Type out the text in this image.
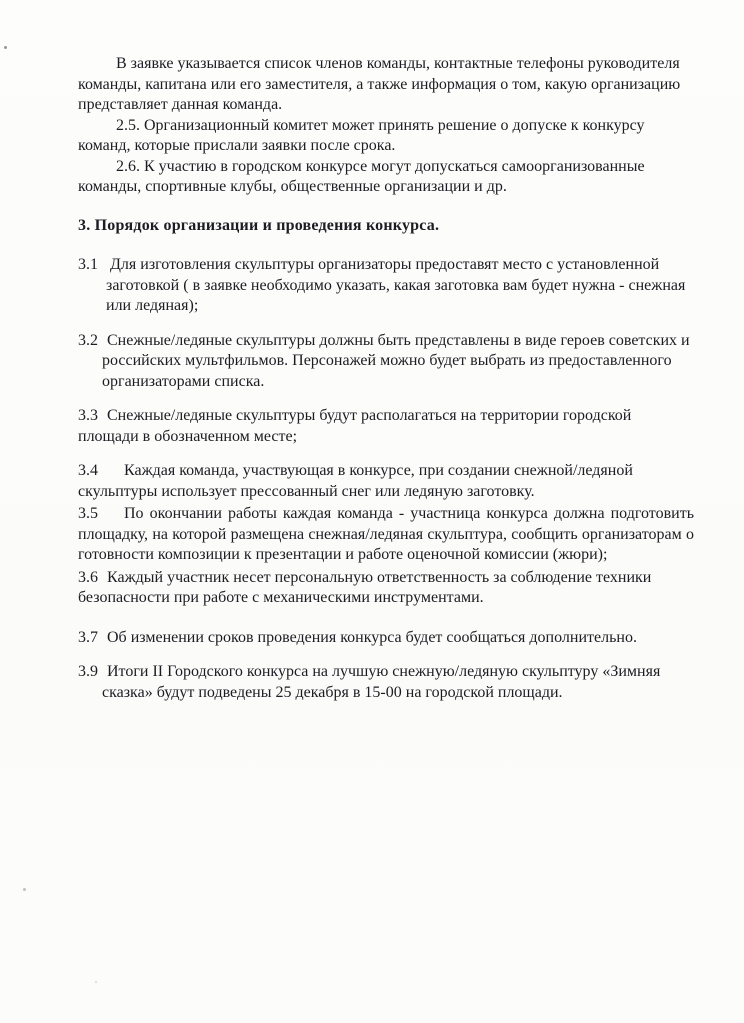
В заявке указывается список членов команды, контактные телефоны руководителя команды, капитана или его заместителя, а также информация о том, какую организацию представляет данная команда.

2.5. Организационный комитет может принять решение о допуске к конкурсу команд, которые прислали заявки после срока.

2.6. К участию в городском конкурсе могут допускаться самоорганизованные команды, спортивные клубы, общественные организации и др.

3. Порядок организации и проведения конкурса.

3.1 Для изготовления скульптуры организаторы предоставят место с установленной заготовкой ( в заявке необходимо указать, какая заготовка вам будет нужна - снежная или ледяная);

3.2 Снежные/ледяные скульптуры должны быть представлены в виде героев советских и российских мультфильмов. Персонажей можно будет выбрать из предоставленного организаторами списка.

3.3 Снежные/ледяные скульптуры будут располагаться на территории городской площади в обозначенном месте;

3.4 Каждая команда, участвующая в конкурсе, при создании снежной/ледяной скульптуры использует прессованный снег или ледяную заготовку.

3.5 По окончании работы каждая команда - участница конкурса должна подготовить площадку, на которой размещена снежная/ледяная скульптура, сообщить организаторам о готовности композиции к презентации и работе оценочной комиссии (жюри);

3.6 Каждый участник несет персональную ответственность за соблюдение техники безопасности при работе с механическими инструментами.

3.7 Об изменении сроков проведения конкурса будет сообщаться дополнительно.

3.9 Итоги II Городского конкурса на лучшую снежную/ледяную скульптуру «Зимняя сказка» будут подведены 25 декабря в 15-00 на городской площади.
